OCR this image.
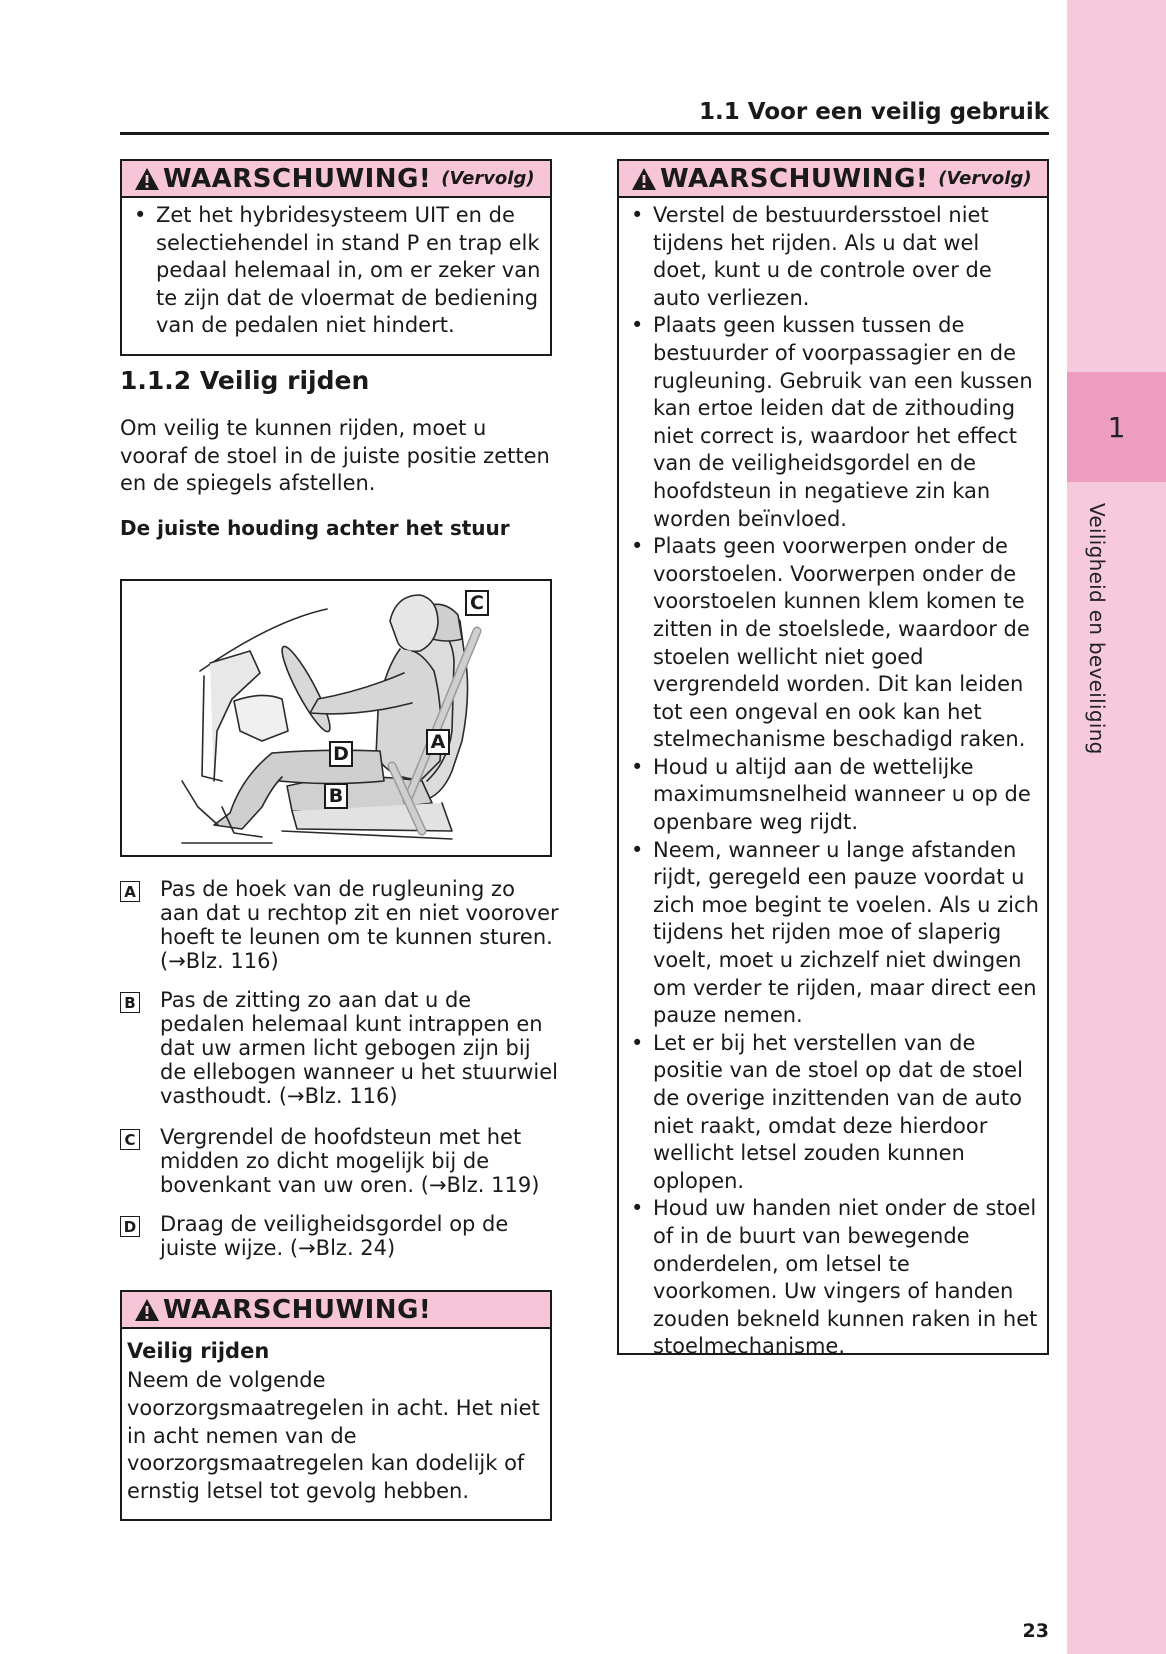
1
Veiligheid en beveiliging
1.1 Voor een veilig gebruik
WAARSCHUWING! (Vervolg)
• Zet het hybridesysteem UIT en de selectiehendel in stand P en trap elk pedaal helemaal in, om er zeker van te zijn dat de vloermat de bediening van de pedalen niet hindert.
1.1.2 Veilig rijden

Om veilig te kunnen rijden, moet u vooraf de stoel in de juiste positie zetten en de spiegels afstellen.

De juiste houding achter het stuur
C
A
D
B
A	Pas de hoek van de rugleuning zo aan dat u rechtop zit en niet voorover hoeft te leunen om te kunnen sturen. (→Blz. 116)

B	Pas de zitting zo aan dat u de pedalen helemaal kunt intrappen en dat uw armen licht gebogen zijn bij de ellebogen wanneer u het stuurwiel vasthoudt. (→Blz. 116)

C	Vergrendel de hoofdsteun met het midden zo dicht mogelijk bij de bovenkant van uw oren. (→Blz. 119)

D	Draag de veiligheidsgordel op de juiste wijze. (→Blz. 24)

WAARSCHUWING!

Veilig rijden

Neem de volgende voorzorgsmaatregelen in acht. Het niet in acht nemen van de voorzorgsmaatregelen kan dodelijk of ernstig letsel tot gevolg hebben.

WAARSCHUWING! (Vervolg)
• Verstel de bestuurdersstoel niet tijdens het rijden. Als u dat wel doet, kunt u de controle over de auto verliezen.
• Plaats geen kussen tussen de bestuurder of voorpassagier en de rugleuning. Gebruik van een kussen kan ertoe leiden dat de zithouding niet correct is, waardoor het effect van de veiligheidsgordel en de hoofdsteun in negatieve zin kan worden beïnvloed.
• Plaats geen voorwerpen onder de voorstoelen. Voorwerpen onder de voorstoelen kunnen klem komen te zitten in de stoelslede, waardoor de stoelen wellicht niet goed vergrendeld worden. Dit kan leiden tot een ongeval en ook kan het stelmechanisme beschadigd raken.
• Houd u altijd aan de wettelijke maximumsnelheid wanneer u op de openbare weg rijdt.
• Neem, wanneer u lange afstanden rijdt, geregeld een pauze voordat u zich moe begint te voelen. Als u zich tijdens het rijden moe of slaperig voelt, moet u zichzelf niet dwingen om verder te rijden, maar direct een pauze nemen.
• Let er bij het verstellen van de positie van de stoel op dat de stoel de overige inzittenden van de auto niet raakt, omdat deze hierdoor wellicht letsel zouden kunnen oplopen.
• Houd uw handen niet onder de stoel of in de buurt van bewegende onderdelen, om letsel te voorkomen. Uw vingers of handen zouden bekneld kunnen raken in het stoelmechanisme.
23
